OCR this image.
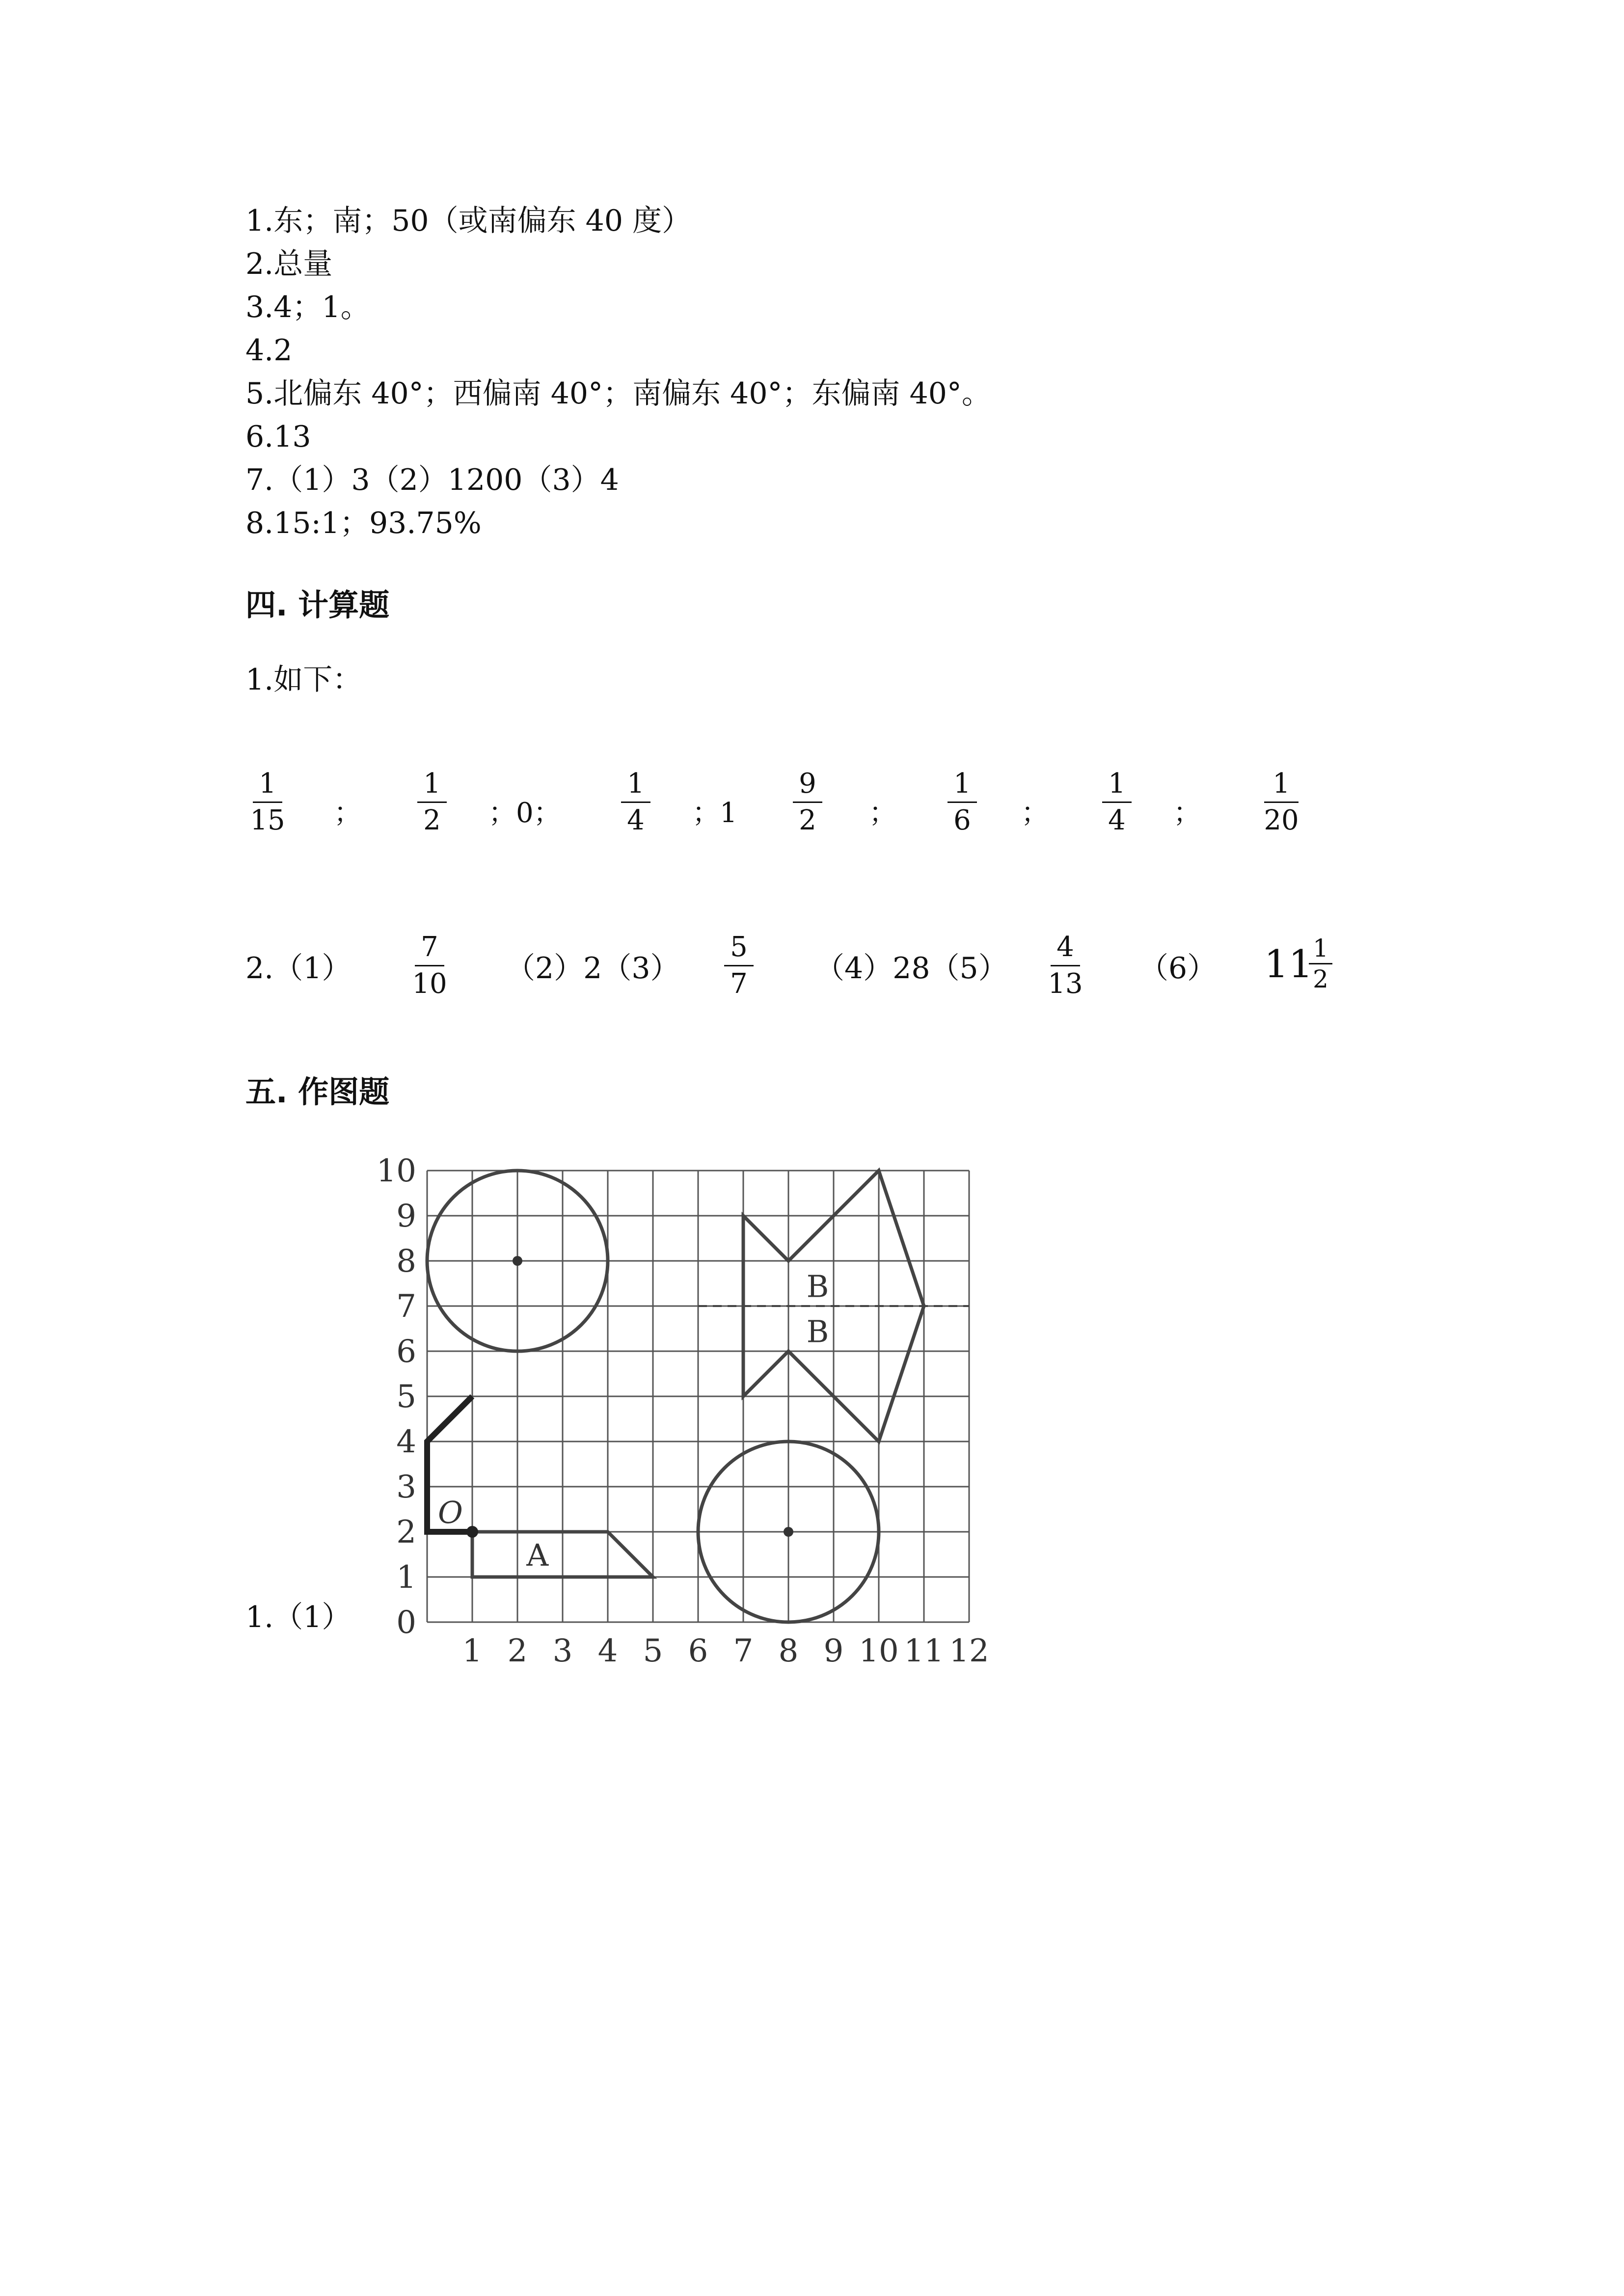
1.东；南；50（或南偏东 40 度）
2.总量
3.4；1。
4.2
5.北偏东 40°；西偏南 40°；南偏东 40°；东偏南 40°。
6.13
7.（1）3（2）1200（3）4
8.15:1；93.75%
四. 计算题
1.如下：
1
15	；
1
2	；0；
1
4	；1
9
2	；
1
6	；
1
4	；
1
20
2.（1）
7
10	（2）2（3）
5
7	（4）28（5）
4
13	（6） 11 1
2
五. 作图题
1.（1） 0
1
2
3
4
5
6
7
8
9
10
1 2 3 4 5 6 7 8 9 10 11 12
O
A
B
B
